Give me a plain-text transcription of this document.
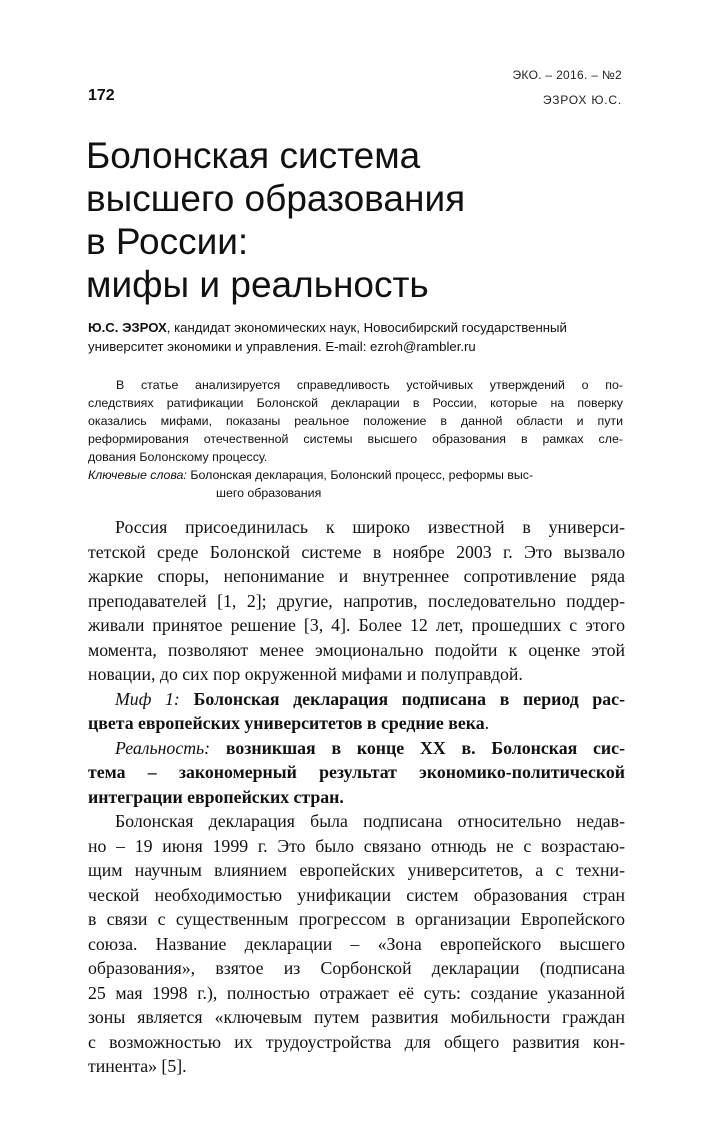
ЭКО. – 2016. – №2
172	ЭЗРОХ Ю.С.
Болонская система
высшего образования
в России:
мифы и реальность
Ю.С. ЭЗРОХ, кандидат экономических наук, Новосибирский государственный
университет экономики и управления. E-mail: ezroh@rambler.ru

В статье анализируется справедливость устойчивых утверждений о по-
следствиях ратификации Болонской декларации в России, которые на поверку
оказались мифами, показаны реальное положение в данной области и пути
реформирования отечественной системы высшего образования в рамках сле-
дования Болонскому процессу.

Ключевые слова: Болонская декларация, Болонский процесс, реформы выс-
шего образования

Россия присоединилась к широко известной в универси-
тетской среде Болонской системе в ноябре 2003 г. Это вызвало
жаркие споры, непонимание и внутреннее сопротивление ряда
преподавателей [1, 2]; другие, напротив, последовательно поддер-
живали принятое решение [3, 4]. Более 12 лет, прошедших с этого
момента, позволяют менее эмоционально подойти к оценке этой
новации, до сих пор окруженной мифами и полуправдой.

Миф 1: Болонская декларация подписана в период рас-
цвета европейских университетов в средние века.

Реальность: возникшая в конце XX в. Болонская сис-
тема – закономерный результат экономико-политической
интеграции европейских стран.

Болонская декларация была подписана относительно недав-
но – 19 июня 1999 г. Это было связано отнюдь не с возрастаю-
щим научным влиянием европейских университетов, а с техни-
ческой необходимостью унификации систем образования стран
в связи с существенным прогрессом в организации Европейского
союза. Название декларации – «Зона европейского высшего
образования», взятое из Сорбонской декларации (подписана
25 мая 1998 г.), полностью отражает её суть: создание указанной
зоны является «ключевым путем развития мобильности граждан
с возможностью их трудоустройства для общего развития кон-
тинента» [5].
